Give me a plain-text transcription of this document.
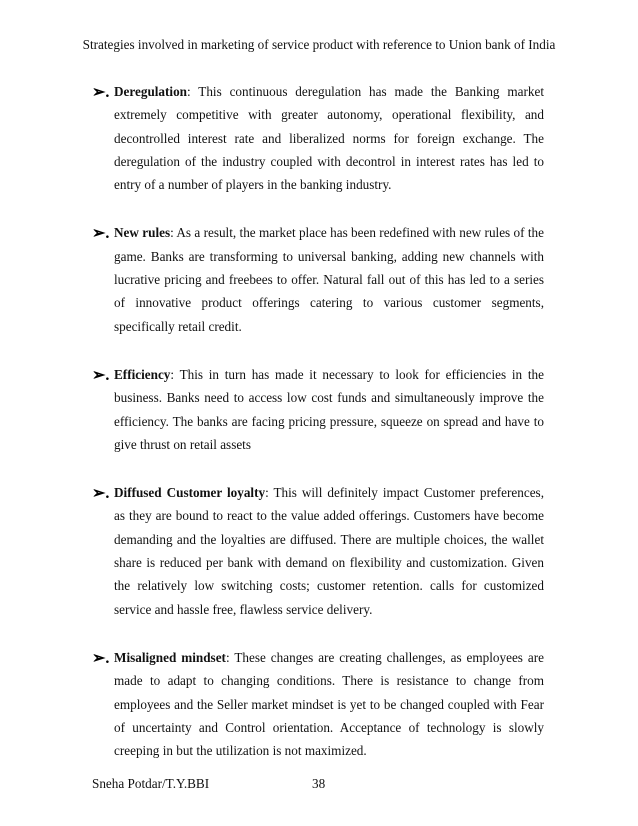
Strategies involved in marketing of service product with reference to Union bank of India

➢. Deregulation: This continuous deregulation has made the Banking market extremely competitive with greater autonomy, operational flexibility, and decontrolled interest rate and liberalized norms for foreign exchange. The deregulation of the industry coupled with decontrol in interest rates has led to entry of a number of players in the banking industry.

➢. New rules: As a result, the market place has been redefined with new rules of the game. Banks are transforming to universal banking, adding new channels with lucrative pricing and freebees to offer. Natural fall out of this has led to a series of innovative product offerings catering to various customer segments, specifically retail credit.

➢. Efficiency: This in turn has made it necessary to look for efficiencies in the business. Banks need to access low cost funds and simultaneously improve the efficiency. The banks are facing pricing pressure, squeeze on spread and have to give thrust on retail assets

➢. Diffused Customer loyalty: This will definitely impact Customer preferences, as they are bound to react to the value added offerings. Customers have become demanding and the loyalties are diffused. There are multiple choices, the wallet share is reduced per bank with demand on flexibility and customization. Given the relatively low switching costs; customer retention. calls for customized service and hassle free, flawless service delivery.

➢. Misaligned mindset: These changes are creating challenges, as employees are made to adapt to changing conditions. There is resistance to change from employees and the Seller market mindset is yet to be changed coupled with Fear of uncertainty and Control orientation. Acceptance of technology is slowly creeping in but the utilization is not maximized.

Sneha Potdar/T.Y.BBI	38
